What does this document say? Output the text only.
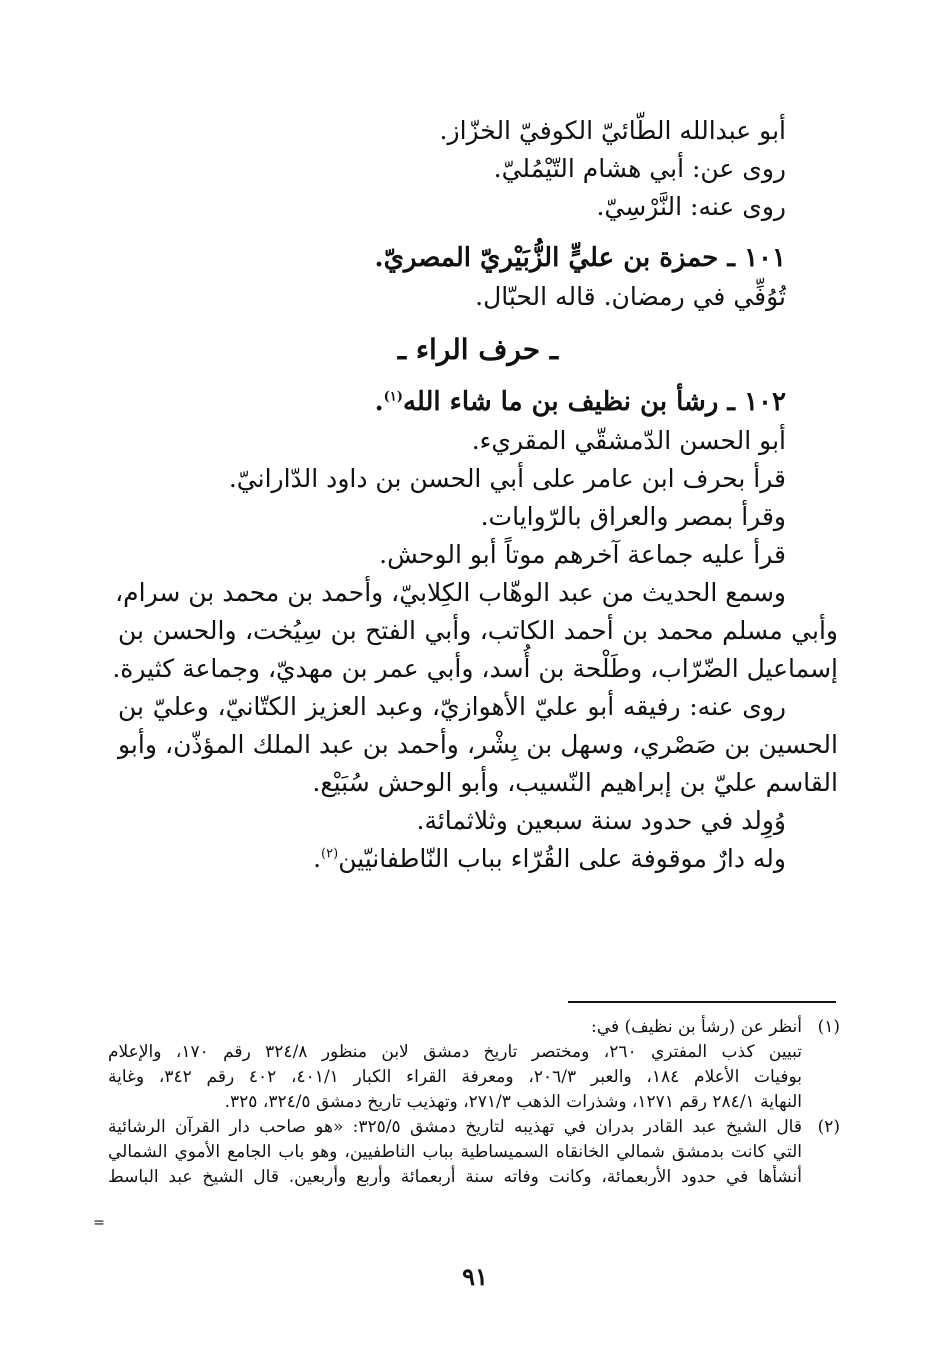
أبو عبدالله الطّائيّ الكوفيّ الخزّاز.
روى عن: أبي هشام التّيْمُليّ.
روى عنه: النَّرْسِيّ.
١٠١ ـ حمزة بن عليٍّ الزُّبَيْريّ المصريّ.
تُوُفِّي في رمضان. قاله الحبّال.
ـ حرف الراء ـ
١٠٢ ـ رشأ بن نظيف بن ما شاء الله$^{(١)}$.
أبو الحسن الدّمشقّي المقريء.
قرأ بحرف ابن عامر على أبي الحسن بن داود الدّارانيّ.
وقرأ بمصر والعراق بالرّوايات.
قرأ عليه جماعة آخرهم موتاً أبو الوحش.
وسمع الحديث من عبد الوهّاب الكِلابيّ، وأحمد بن محمد بن سرام،
وأبي مسلم محمد بن أحمد الكاتب، وأبي الفتح بن سِيُخت، والحسن بن
إسماعيل الضّرّاب، وطَلْحة بن أُسد، وأبي عمر بن مهديّ، وجماعة كثيرة.
روى عنه: رفيقه أبو عليّ الأهوازيّ، وعبد العزيز الكتّانيّ، وعليّ بن
الحسين بن صَصْري، وسهل بن بِشْر، وأحمد بن عبد الملك المؤذّن، وأبو
القاسم عليّ بن إبراهيم النّسيب، وأبو الوحش سُبَيْع.
وُوِلد في حدود سنة سبعين وثلاثمائة.
وله دارٌ موقوفة على القُرّاء بباب النّاطفانيّين$^{(٢)}$.
(١)
أنظر عن (رشأ بن نظيف) في:
تبيين كذب المفتري ٢٦٠، ومختصر تاريخ دمشق لابن منظور ٣٢٤/٨ رقم ١٧٠، والإعلام
بوفيات الأعلام ١٨٤، والعبر ٢٠٦/٣، ومعرفة القراء الكبار ٤٠١/١، ٤٠٢ رقم ٣٤٢، وغاية
النهاية ٢٨٤/١ رقم ١٢٧١، وشذرات الذهب ٢٧١/٣، وتهذيب تاريخ دمشق ٣٢٤/٥، ٣٢٥.
(٢)
قال الشيخ عبد القادر بدران في تهذيبه لتاريخ دمشق ٣٢٥/٥: «هو صاحب دار القرآن الرشائية
التي كانت بدمشق شمالي الخانقاه السميساطية بباب الناطفيين، وهو باب الجامع الأموي الشمالي
أنشأها في حدود الأربعمائة، وكانت وفاته سنة أربعمائة وأربع وأربعين. قال الشيخ عبد الباسط
=
٩١
